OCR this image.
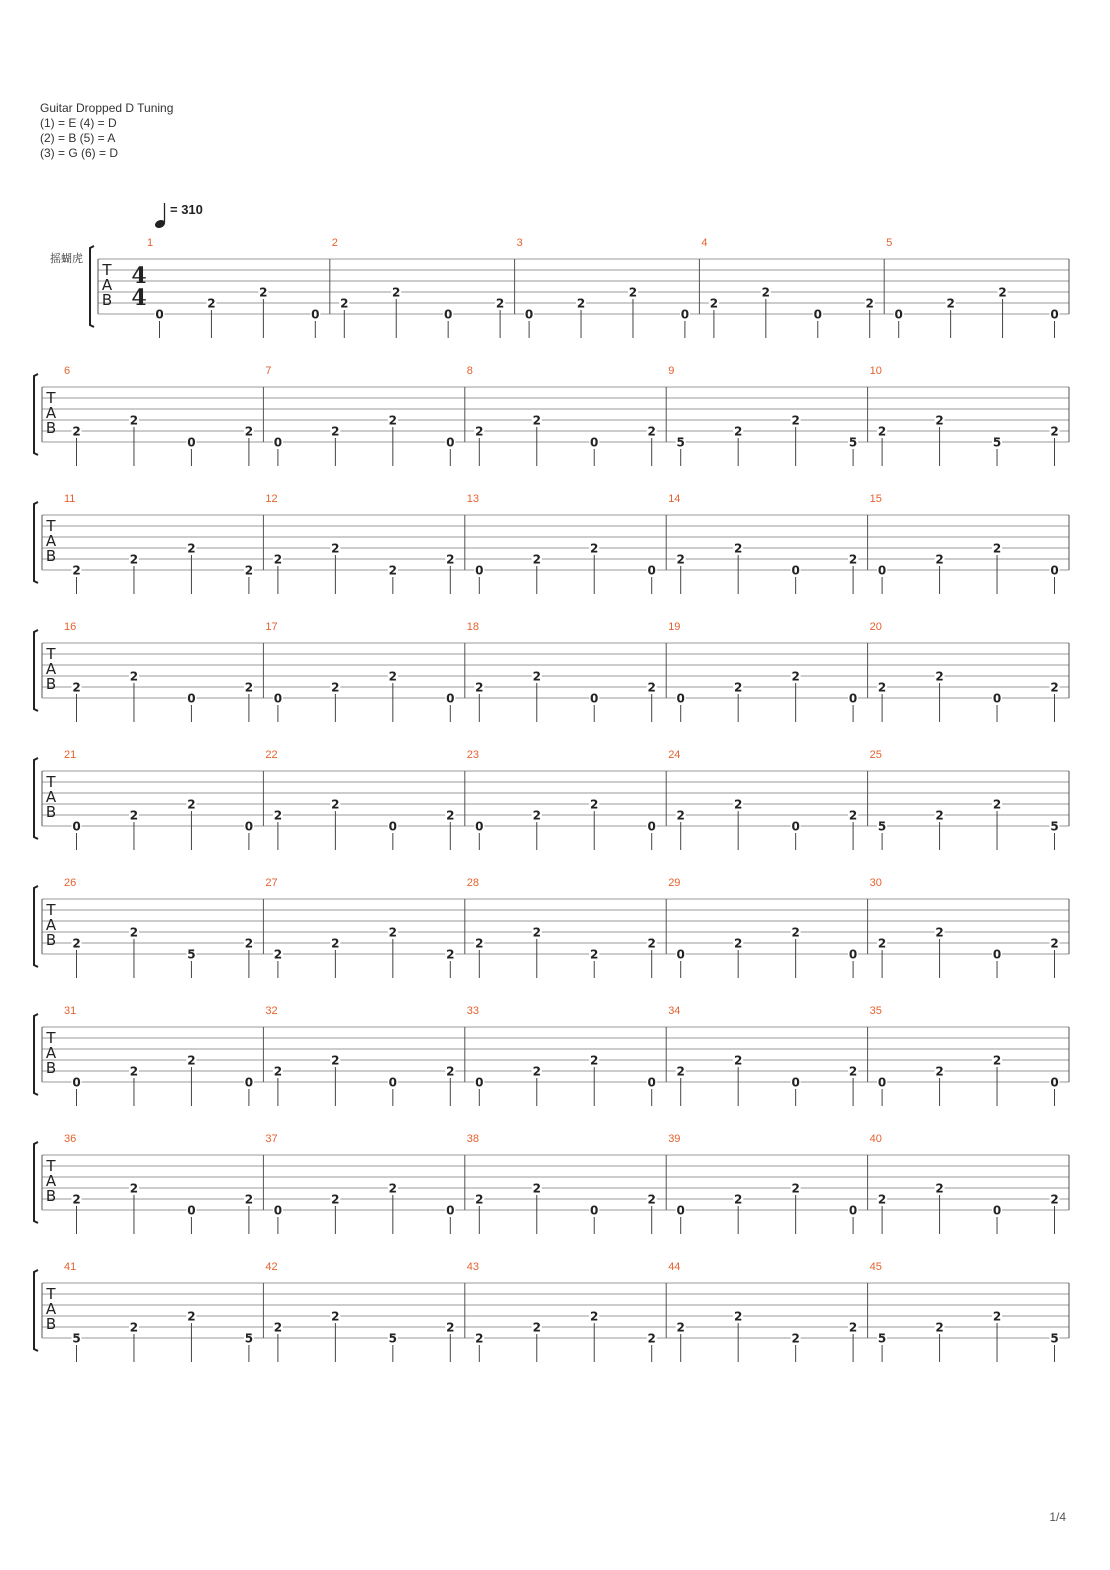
Guitar Dropped D Tuning
(1) = E (4) = D
(2) = B (5) = A
(3) = G (6) = D
= 310
摇蝴虎
T
A
B
4
4
1
0
2
2
0
2
2
2
0
2
3
0
2
2
0
4
2
2
0
2
5
0
2
2
0
T
A
B
6
2
2
0
2
7
0
2
2
0
8
2
2
0
2
9
5
2
2
5
10
2
2
5
2
T
A
B
11
2
2
2
2
12
2
2
2
2
13
0
2
2
0
14
2
2
0
2
15
0
2
2
0
T
A
B
16
2
2
0
2
17
0
2
2
0
18
2
2
0
2
19
0
2
2
0
20
2
2
0
2
T
A
B
21
0
2
2
0
22
2
2
0
2
23
0
2
2
0
24
2
2
0
2
25
5
2
2
5
T
A
B
26
2
2
5
2
27
2
2
2
2
28
2
2
2
2
29
0
2
2
0
30
2
2
0
2
T
A
B
31
0
2
2
0
32
2
2
0
2
33
0
2
2
0
34
2
2
0
2
35
0
2
2
0
T
A
B
36
2
2
0
2
37
0
2
2
0
38
2
2
0
2
39
0
2
2
0
40
2
2
0
2
T
A
B
41
5
2
2
5
42
2
2
5
2
43
2
2
2
2
44
2
2
2
2
45
5
2
2
5
1/4
